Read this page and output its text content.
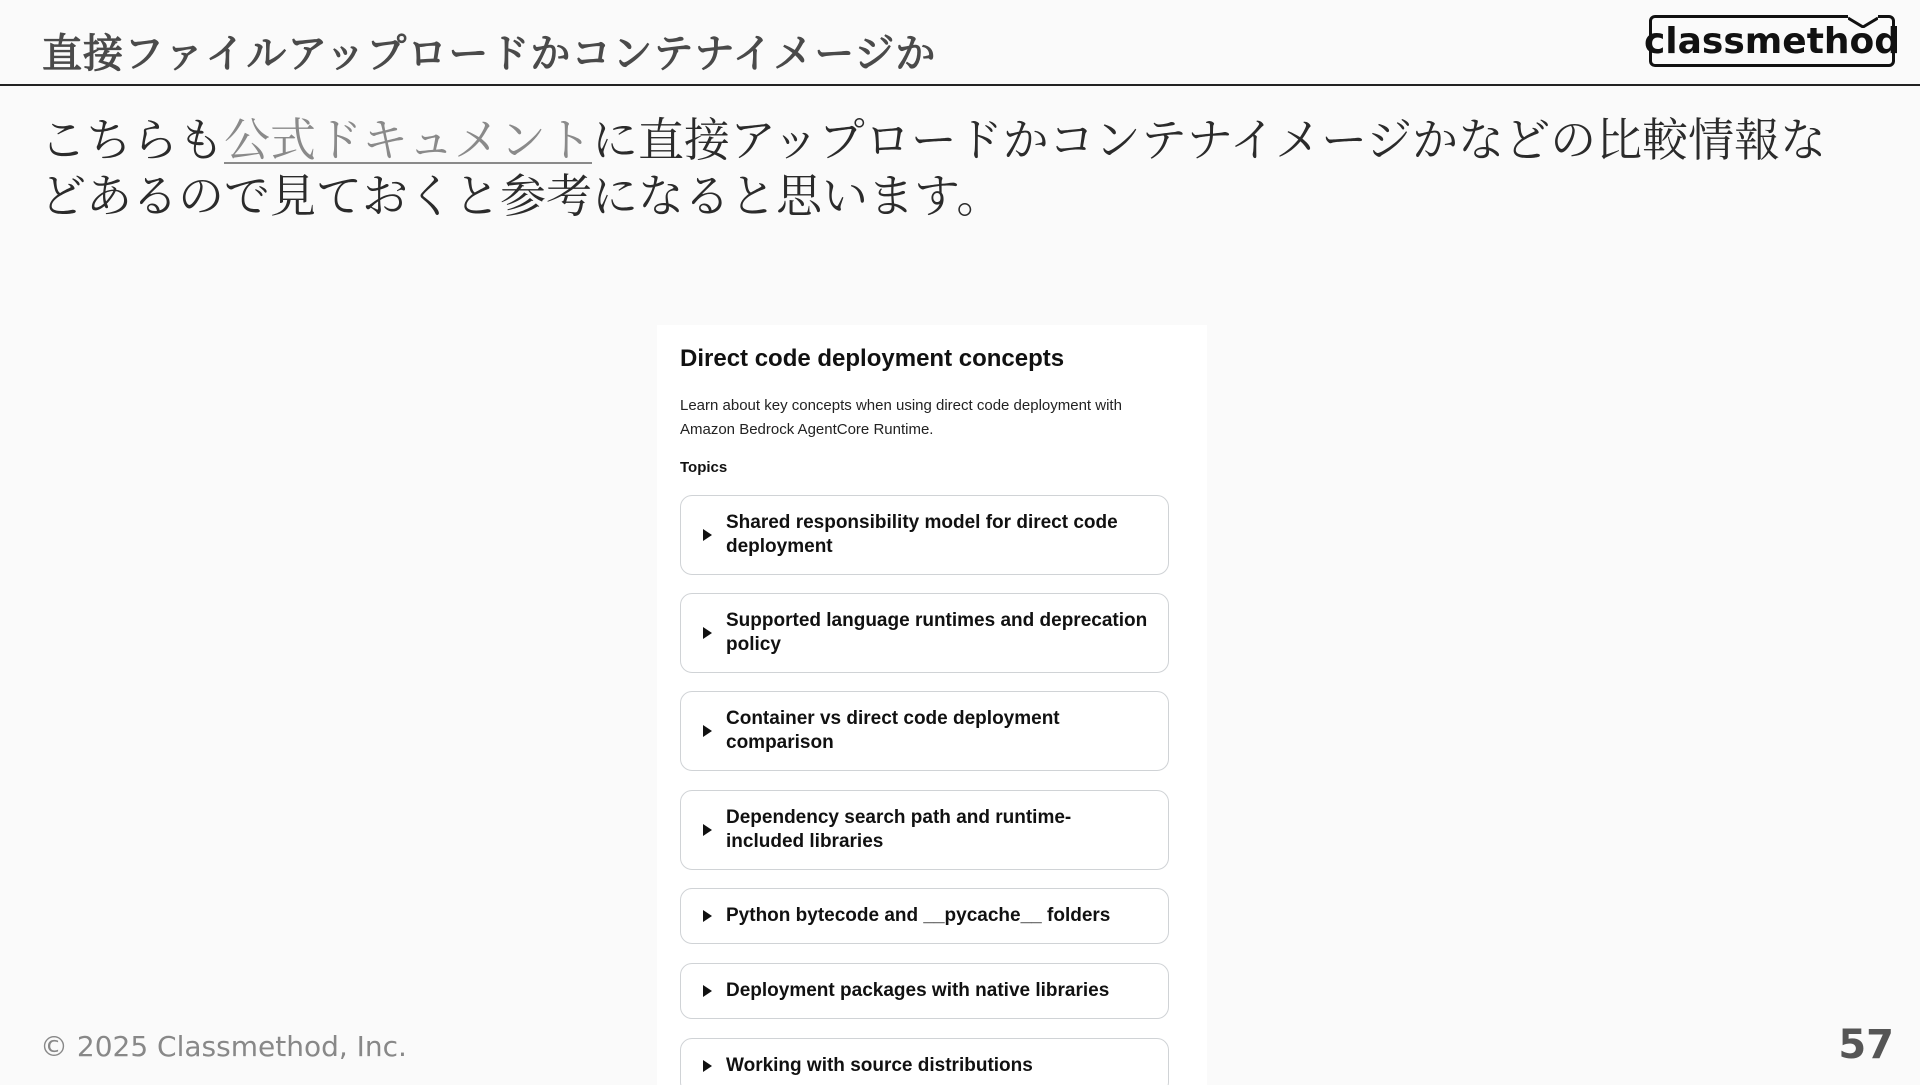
直接ファイルアップロードかコンテナイメージか	classmethod
こちらも公式ドキュメントに直接アップロードかコンテナイメージかなどの比較情報などあるので見ておくと参考になると思います。
Direct code deployment concepts
Learn about key concepts when using direct code deployment with Amazon Bedrock AgentCore Runtime.
Topics
Shared responsibility model for direct code deployment
Supported language runtimes and deprecation policy
Container vs direct code deployment comparison
Dependency search path and runtime-included libraries
Python bytecode and __pycache__ folders
Deployment packages with native libraries
Working with source distributions
© 2025 Classmethod, Inc.	57
